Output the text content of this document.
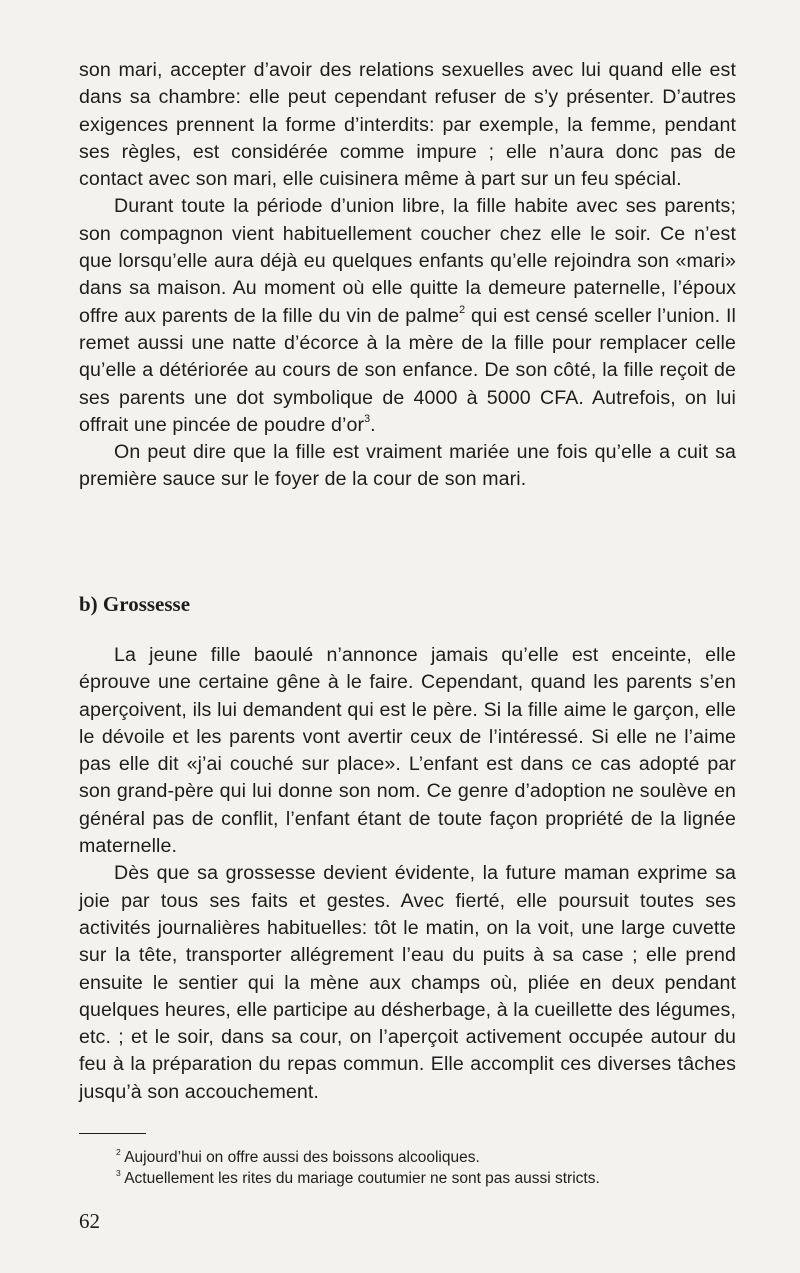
son mari, accepter d’avoir des relations sexuelles avec lui quand elle est dans sa chambre: elle peut cependant refuser de s’y présenter. D’autres exigences prennent la forme d’interdits: par exemple, la femme, pendant ses règles, est considérée comme impure ; elle n’aura donc pas de contact avec son mari, elle cuisinera même à part sur un feu spécial.

Durant toute la période d’union libre, la fille habite avec ses parents; son compagnon vient habituellement coucher chez elle le soir. Ce n’est que lorsqu’elle aura déjà eu quelques enfants qu’elle rejoindra son «mari» dans sa maison. Au moment où elle quitte la demeure paternelle, l’époux offre aux parents de la fille du vin de palme$^2$ qui est censé sceller l’union. Il remet aussi une natte d’écorce à la mère de la fille pour remplacer celle qu’elle a détériorée au cours de son enfance. De son côté, la fille reçoit de ses parents une dot symbolique de 4000 à 5000 CFA. Autrefois, on lui offrait une pincée de poudre $d’or^3$.

On peut dire que la fille est vraiment mariée une fois qu’elle a cuit sa première sauce sur le foyer de la cour de son mari.

b) Grossesse

La jeune fille baoulé n’annonce jamais qu’elle est enceinte, elle éprouve une certaine gêne à le faire. Cependant, quand les parents s’en aperçoivent, ils lui demandent qui est le père. Si la fille aime le garçon, elle le dévoile et les parents vont avertir ceux de l’intéressé. Si elle ne l’aime pas elle dit «j’ai couché sur place». L’enfant est dans ce cas adopté par son grand-père qui lui donne son nom. Ce genre d’adoption ne soulève en général pas de conflit, l’enfant étant de toute façon propriété de la lignée maternelle.

Dès que sa grossesse devient évidente, la future maman exprime sa joie par tous ses faits et gestes. Avec fierté, elle poursuit toutes ses activités journalières habituelles: tôt le matin, on la voit, une large cuvette sur la tête, transporter allégrement l’eau du puits à sa case ; elle prend ensuite le sentier qui la mène aux champs où, pliée en deux pendant quelques heures, elle participe au désherbage, à la cueillette des légumes, etc. ; et le soir, dans sa cour, on l’aperçoit activement occupée autour du feu à la préparation du repas commun. Elle accomplit ces diverses tâches jusqu’à son accouchement.

$^2$ Aujourd’hui on offre aussi des boissons alcooliques.
$^3$ Actuellement les rites du mariage coutumier ne sont pas aussi stricts.
62
